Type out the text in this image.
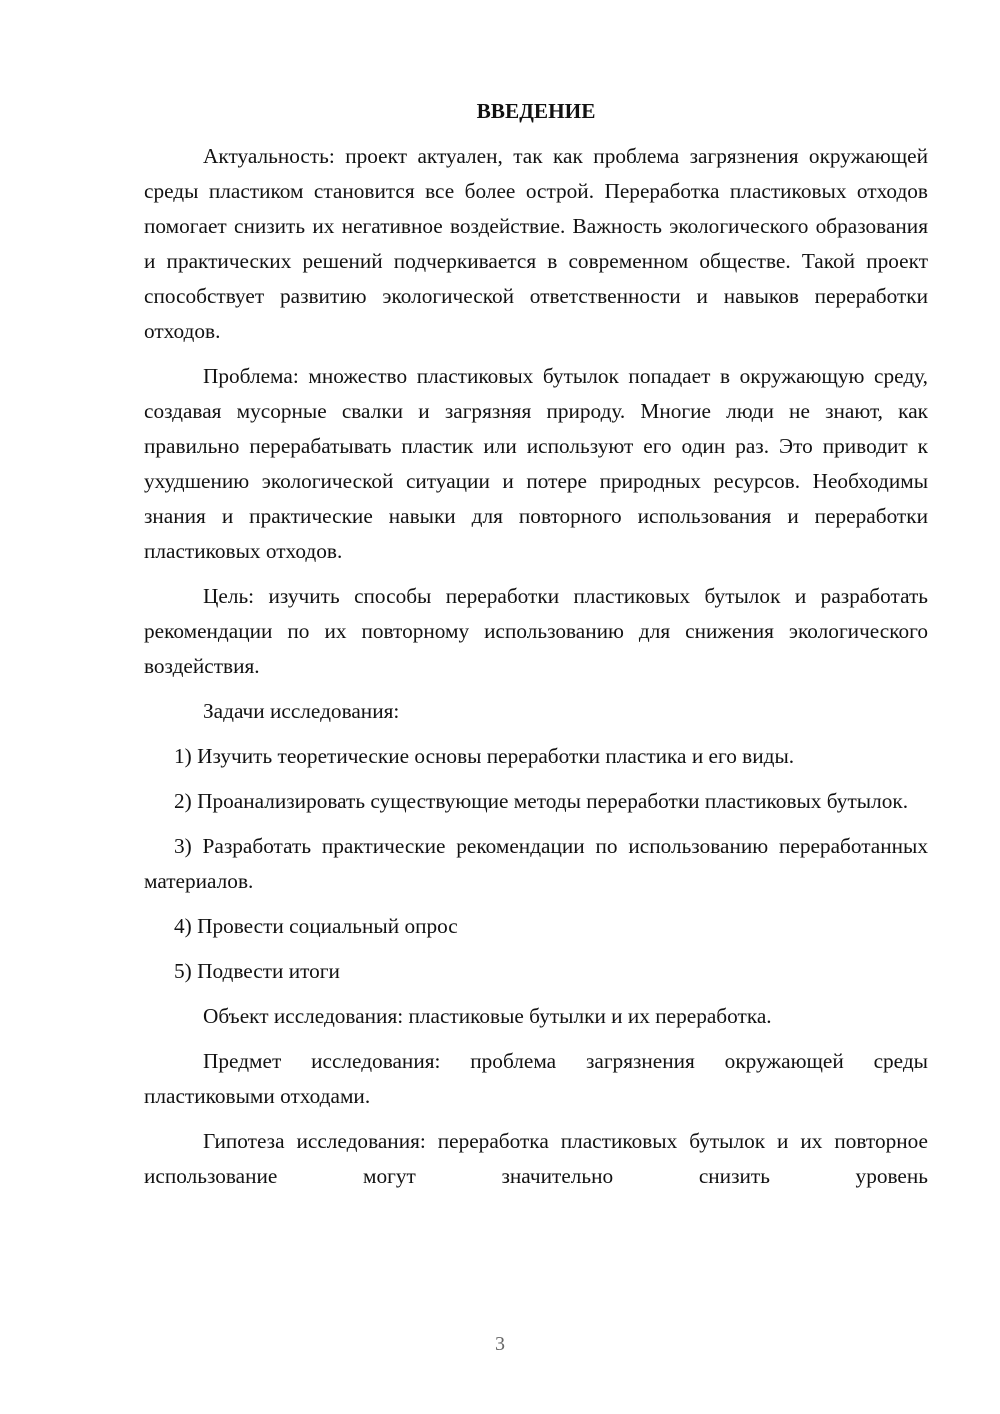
ВВЕДЕНИЕ

Актуальность: проект актуален, так как проблема загрязнения окружающей среды пластиком становится все более острой. Переработка пластиковых отходов помогает снизить их негативное воздействие. Важность экологического образования и практических решений подчеркивается в современном обществе. Такой проект способствует развитию экологической ответственности и навыков переработки отходов.

Проблема: множество пластиковых бутылок попадает в окружающую среду, создавая мусорные свалки и загрязняя природу. Многие люди не знают, как правильно перерабатывать пластик или используют его один раз. Это приводит к ухудшению экологической ситуации и потере природных ресурсов. Необходимы знания и практические навыки для повторного использования и переработки пластиковых отходов.

Цель: изучить способы переработки пластиковых бутылок и разработать рекомендации по их повторному использованию для снижения экологического воздействия.

Задачи исследования:

1) Изучить теоретические основы переработки пластика и его виды.

2) Проанализировать существующие методы переработки пластиковых бутылок.

3) Разработать практические рекомендации по использованию переработанных материалов.

4) Провести социальный опрос

5) Подвести итоги

Объект исследования: пластиковые бутылки и их переработка.

Предмет исследования: проблема загрязнения окружающей среды пластиковыми отходами.

Гипотеза исследования: переработка пластиковых бутылок и их повторное использование могут значительно снизить уровень

3
